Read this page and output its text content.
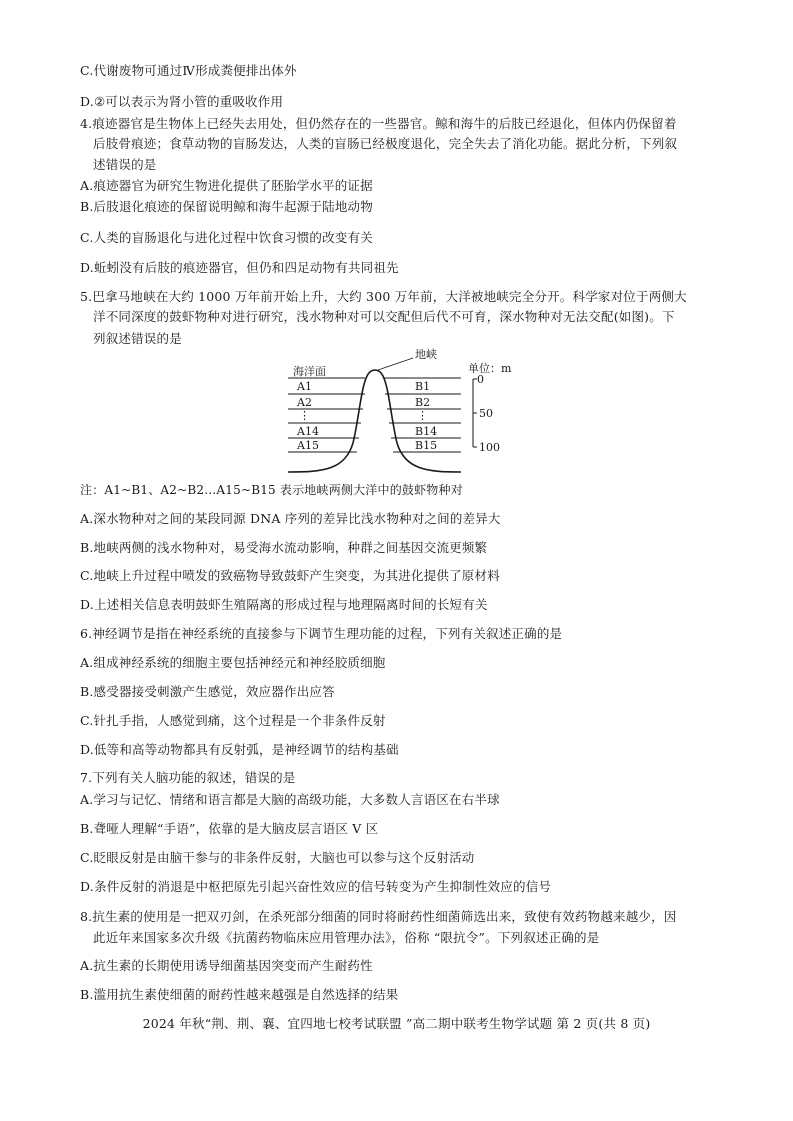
C.代谢废物可通过Ⅳ形成粪便排出体外
D.②可以表示为肾小管的重吸收作用
4.痕迹器官是生物体上已经失去用处，但仍然存在的一些器官。鲸和海牛的后肢已经退化，但体内仍保留着
后肢骨痕迹；食草动物的盲肠发达，人类的盲肠已经极度退化，完全失去了消化功能。据此分析，下列叙
述错误的是
A.痕迹器官为研究生物进化提供了胚胎学水平的证据
B.后肢退化痕迹的保留说明鲸和海牛起源于陆地动物
C.人类的盲肠退化与进化过程中饮食习惯的改变有关
D.蚯蚓没有后肢的痕迹器官，但仍和四足动物有共同祖先
5.巴拿马地峡在大约 1000 万年前开始上升，大约 300 万年前，大洋被地峡完全分开。科学家对位于两侧大
洋不同深度的鼓虾物种对进行研究，浅水物种对可以交配但后代不可育，深水物种对无法交配(如图)。下
列叙述错误的是
地峡
海洋面
A1
A2
⋮
A14
A15
B1
B2
⋮
B14
B15
单位：m
0
50
100
注：A1~B1、A2~B2…A15~B15 表示地峡两侧大洋中的鼓虾物种对
A.深水物种对之间的某段同源 DNA 序列的差异比浅水物种对之间的差异大
B.地峡两侧的浅水物种对，易受海水流动影响，种群之间基因交流更频繁
C.地峡上升过程中喷发的致癌物导致鼓虾产生突变，为其进化提供了原材料
D.上述相关信息表明鼓虾生殖隔离的形成过程与地理隔离时间的长短有关
6.神经调节是指在神经系统的直接参与下调节生理功能的过程，下列有关叙述正确的是
A.组成神经系统的细胞主要包括神经元和神经胶质细胞
B.感受器接受刺激产生感觉，效应器作出应答
C.针扎手指，人感觉到痛，这个过程是一个非条件反射
D.低等和高等动物都具有反射弧，是神经调节的结构基础
7.下列有关人脑功能的叙述，错误的是
A.学习与记忆、情绪和语言都是大脑的高级功能，大多数人言语区在右半球
B.聋哑人理解“手语”，依靠的是大脑皮层言语区 V 区
C.眨眼反射是由脑干参与的非条件反射，大脑也可以参与这个反射活动
D.条件反射的消退是中枢把原先引起兴奋性效应的信号转变为产生抑制性效应的信号
8.抗生素的使用是一把双刃剑，在杀死部分细菌的同时将耐药性细菌筛选出来，致使有效药物越来越少，因
此近年来国家多次升级《抗菌药物临床应用管理办法》，俗称 “限抗令”。下列叙述正确的是
A.抗生素的长期使用诱导细菌基因突变而产生耐药性
B.滥用抗生素使细菌的耐药性越来越强是自然选择的结果
2024 年秋“荆、荆、襄、宜四地七校考试联盟 ”高二期中联考生物学试题 第 2 页(共 8 页)
